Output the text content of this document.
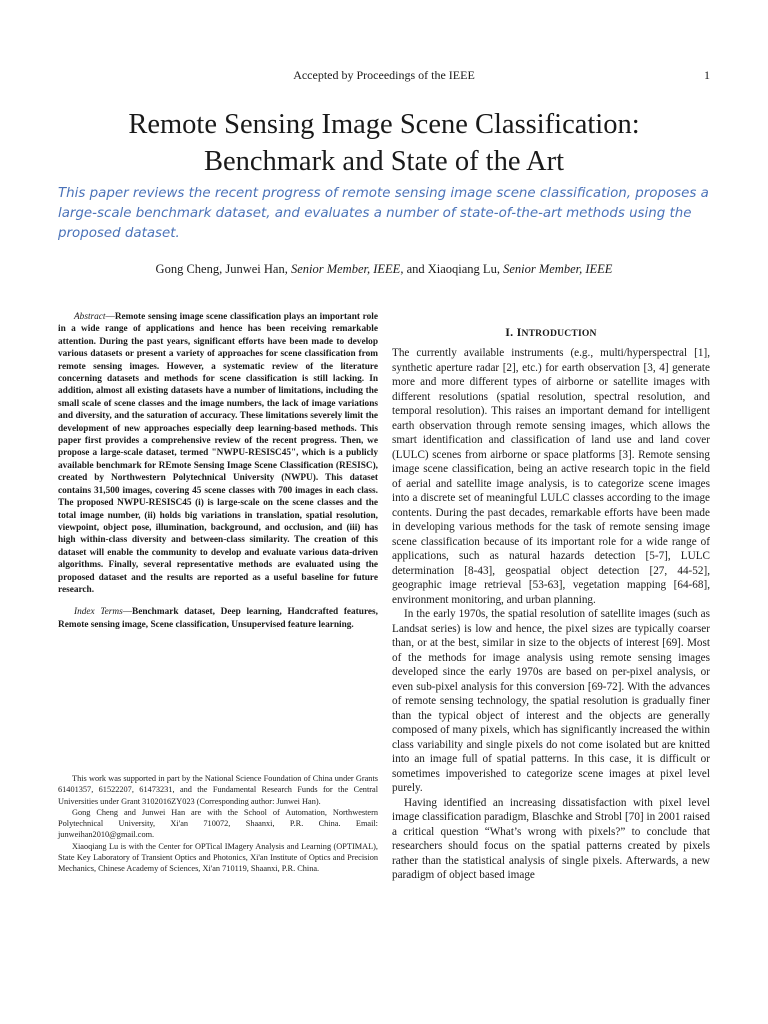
Accepted by Proceedings of the IEEE	1
Remote Sensing Image Scene Classification:
Benchmark and State of the Art
This paper reviews the recent progress of remote sensing image scene classification, proposes a large-scale benchmark dataset, and evaluates a number of state-of-the-art methods using the proposed dataset.
Gong Cheng, Junwei Han, Senior Member, IEEE, and Xiaoqiang Lu, Senior Member, IEEE

Abstract—Remote sensing image scene classification plays an important role in a wide range of applications and hence has been receiving remarkable attention. During the past years, significant efforts have been made to develop various datasets or present a variety of approaches for scene classification from remote sensing images. However, a systematic review of the literature concerning datasets and methods for scene classification is still lacking. In addition, almost all existing datasets have a number of limitations, including the small scale of scene classes and the image numbers, the lack of image variations and diversity, and the saturation of accuracy. These limitations severely limit the development of new approaches especially deep learning-based methods. This paper first provides a comprehensive review of the recent progress. Then, we propose a large-scale dataset, termed "NWPU-RESISC45", which is a publicly available benchmark for REmote Sensing Image Scene Classification (RESISC), created by Northwestern Polytechnical University (NWPU). This dataset contains 31,500 images, covering 45 scene classes with 700 images in each class. The proposed NWPU-RESISC45 (i) is large-scale on the scene classes and the total image number, (ii) holds big variations in translation, spatial resolution, viewpoint, object pose, illumination, background, and occlusion, and (iii) has high within-class diversity and between-class similarity. The creation of this dataset will enable the community to develop and evaluate various data-driven algorithms. Finally, several representative methods are evaluated using the proposed dataset and the results are reported as a useful baseline for future research.

Index Terms—Benchmark dataset, Deep learning, Handcrafted features, Remote sensing image, Scene classification, Unsupervised feature learning.

This work was supported in part by the National Science Foundation of China under Grants 61401357, 61522207, 61473231, and the Fundamental Research Funds for the Central Universities under Grant 3102016ZY023 (Corresponding author: Junwei Han).

Gong Cheng and Junwei Han are with the School of Automation, Northwestern Polytechnical University, Xi'an 710072, Shaanxi, P.R. China. Email: junweihan2010@gmail.com.

Xiaoqiang Lu is with the Center for OPTical IMagery Analysis and Learning (OPTIMAL), State Key Laboratory of Transient Optics and Photonics, Xi'an Institute of Optics and Precision Mechanics, Chinese Academy of Sciences, Xi'an 710119, Shaanxi, P.R. China.

I. INTRODUCTION

The currently available instruments (e.g., multi/hyperspectral [1], synthetic aperture radar [2], etc.) for earth observation [3, 4] generate more and more different types of airborne or satellite images with different resolutions (spatial resolution, spectral resolution, and temporal resolution). This raises an important demand for intelligent earth observation through remote sensing images, which allows the smart identification and classification of land use and land cover (LULC) scenes from airborne or space platforms [3]. Remote sensing image scene classification, being an active research topic in the field of aerial and satellite image analysis, is to categorize scene images into a discrete set of meaningful LULC classes according to the image contents. During the past decades, remarkable efforts have been made in developing various methods for the task of remote sensing image scene classification because of its important role for a wide range of applications, such as natural hazards detection [5-7], LULC determination [8-43], geospatial object detection [27, 44-52], geographic image retrieval [53-63], vegetation mapping [64-68], environment monitoring, and urban planning.

In the early 1970s, the spatial resolution of satellite images (such as Landsat series) is low and hence, the pixel sizes are typically coarser than, or at the best, similar in size to the objects of interest [69]. Most of the methods for image analysis using remote sensing images developed since the early 1970s are based on per-pixel analysis, or even sub-pixel analysis for this conversion [69-72]. With the advances of remote sensing technology, the spatial resolution is gradually finer than the typical object of interest and the objects are generally composed of many pixels, which has significantly increased the within class variability and single pixels do not come isolated but are knitted into an image full of spatial patterns. In this case, it is difficult or sometimes impoverished to categorize scene images at pixel level purely.

Having identified an increasing dissatisfaction with pixel level image classification paradigm, Blaschke and Strobl [70] in 2001 raised a critical question “What’s wrong with pixels?” to conclude that researchers should focus on the spatial patterns created by pixels rather than the statistical analysis of single pixels. Afterwards, a new paradigm of object based image
